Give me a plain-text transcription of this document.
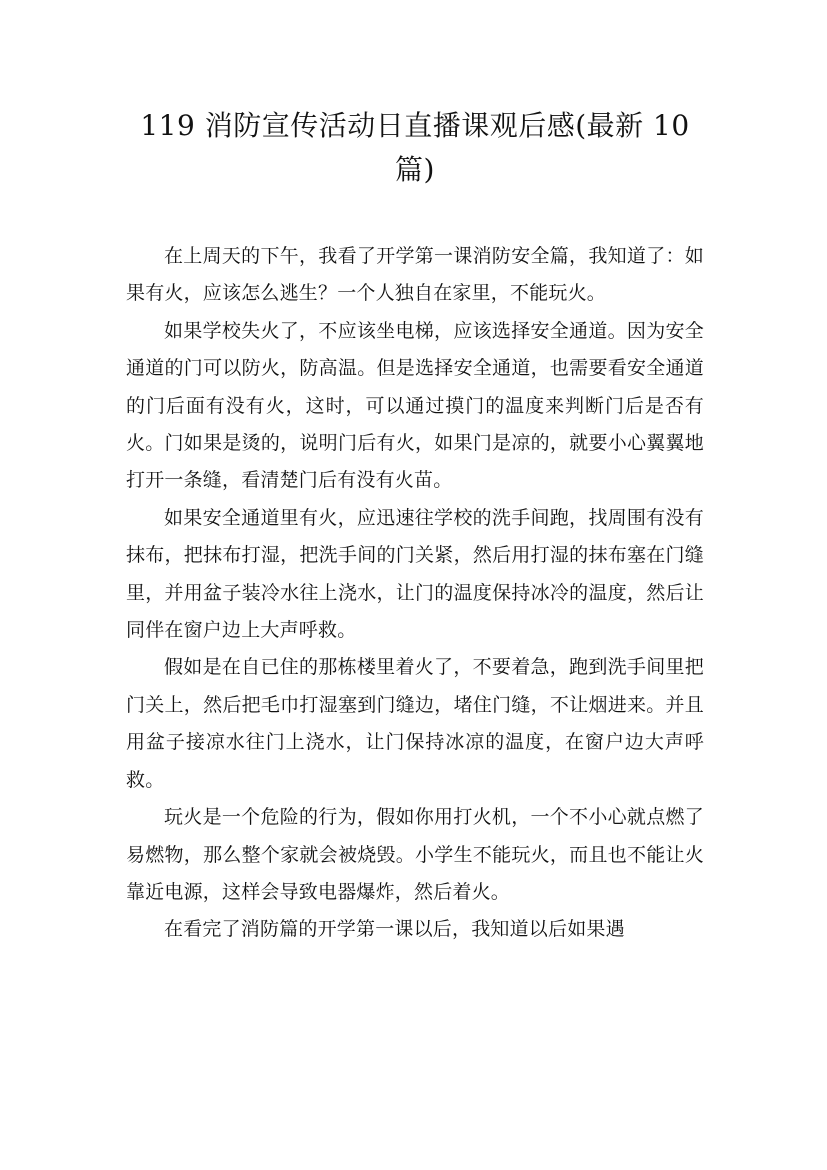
119 消防宣传活动日直播课观后感(最新 10 篇)

在上周天的下午，我看了开学第一课消防安全篇，我知道了：如果有火，应该怎么逃生？一个人独自在家里，不能玩火。

如果学校失火了，不应该坐电梯，应该选择安全通道。因为安全通道的门可以防火，防高温。但是选择安全通道，也需要看安全通道的门后面有没有火，这时，可以通过摸门的温度来判断门后是否有火。门如果是烫的，说明门后有火，如果门是凉的，就要小心翼翼地打开一条缝，看清楚门后有没有火苗。

如果安全通道里有火，应迅速往学校的洗手间跑，找周围有没有抹布，把抹布打湿，把洗手间的门关紧，然后用打湿的抹布塞在门缝里，并用盆子装冷水往上浇水，让门的温度保持冰冷的温度，然后让同伴在窗户边上大声呼救。

假如是在自已住的那栋楼里着火了，不要着急，跑到洗手间里把门关上，然后把毛巾打湿塞到门缝边，堵住门缝，不让烟进来。并且用盆子接凉水往门上浇水，让门保持冰凉的温度，在窗户边大声呼救。

玩火是一个危险的行为，假如你用打火机，一个不小心就点燃了易燃物，那么整个家就会被烧毁。小学生不能玩火，而且也不能让火靠近电源，这样会导致电器爆炸，然后着火。

在看完了消防篇的开学第一课以后，我知道以后如果遇
